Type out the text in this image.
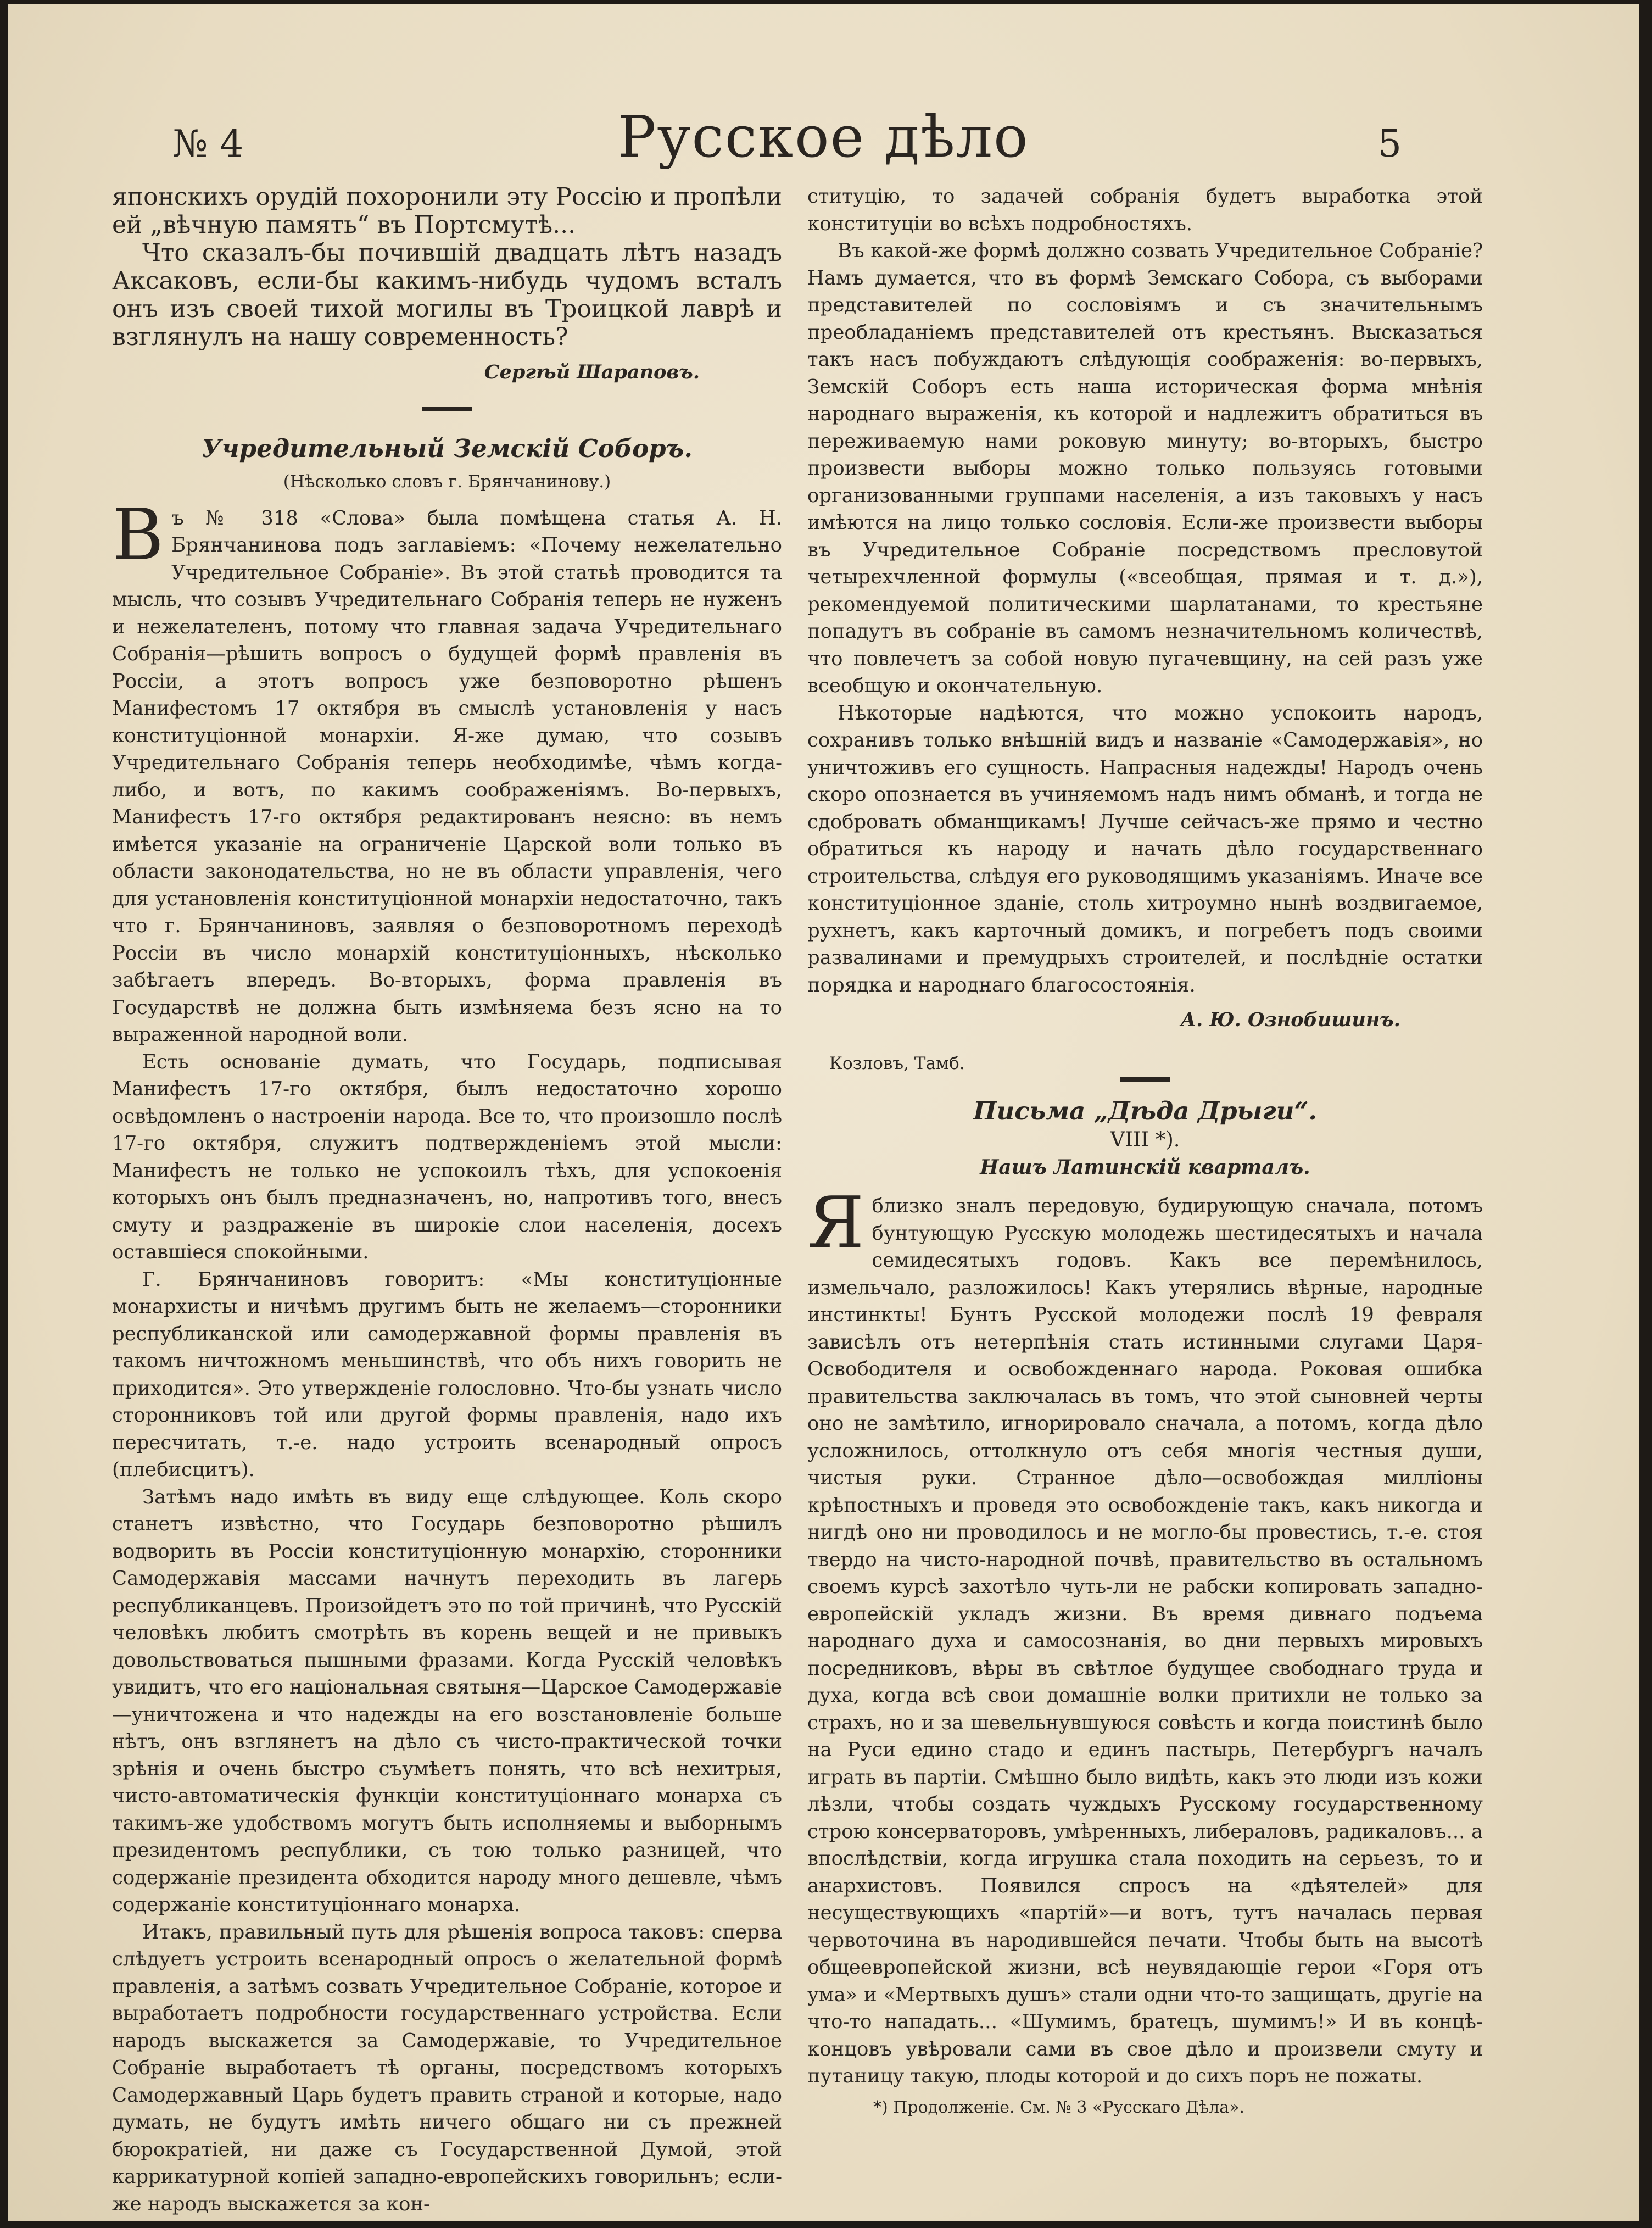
№ 4	Русское дѣло	5

японскихъ орудій похоронили эту Россію и пропѣли ей „вѣчную память“ въ Портсмутѣ...

Что сказалъ-бы почившій двадцать лѣтъ назадъ Аксаковъ, если-бы какимъ-нибудь чудомъ всталъ онъ изъ своей тихой могилы въ Троицкой лаврѣ и взглянулъ на нашу современность?

Сергѣй Шараповъ.

Учредительный Земскій Соборъ.

(Нѣсколько словъ г. Брянчанинову.)

Въ № 318 «Слова» была помѣщена статья А. Н. Брянчанинова подъ заглавіемъ: «Почему нежелательно Учредительное Собраніе». Въ этой статьѣ проводится та мысль, что созывъ Учредительнаго Собранія теперь не нуженъ и нежелателенъ, потому что главная задача Учредительнаго Собранія—рѣшить вопросъ о будущей формѣ правленія въ Россіи, а этотъ вопросъ уже безповоротно рѣшенъ Манифестомъ 17 октября въ смыслѣ установленія у насъ конституціонной монархіи. Я-же думаю, что созывъ Учредительнаго Собранія теперь необходимѣе, чѣмъ когда-либо, и вотъ, по какимъ соображеніямъ. Во-первыхъ, Манифестъ 17-го октября редактированъ неясно: въ немъ имѣется указаніе на ограниченіе Царской воли только въ области законодательства, но не въ области управленія, чего для установленія конституціонной монархіи недостаточно, такъ что г. Брянчаниновъ, заявляя о безповоротномъ переходѣ Россіи въ число монархій конституціонныхъ, нѣсколько забѣгаетъ впередъ. Во-вторыхъ, форма правленія въ Государствѣ не должна быть измѣняема безъ ясно на то выраженной народной воли.

Есть основаніе думать, что Государь, подписывая Манифестъ 17-го октября, былъ недостаточно хорошо освѣдомленъ о настроеніи народа. Все то, что произошло послѣ 17-го октября, служитъ подтвержденіемъ этой мысли: Манифестъ не только не успокоилъ тѣхъ, для успокоенія которыхъ онъ былъ предназначенъ, но, напротивъ того, внесъ смуту и раздраженіе въ широкіе слои населенія, досехъ оставшіеся спокойными.

Г. Брянчаниновъ говоритъ: «Мы конституціонные монархисты и ничѣмъ другимъ быть не желаемъ—сторонники республиканской или самодержавной формы правленія въ такомъ ничтожномъ меньшинствѣ, что объ нихъ говорить не приходится». Это утвержденіе голословно. Что-бы узнать число сторонниковъ той или другой формы правленія, надо ихъ пересчитать, т.-е. надо устроить всенародный опросъ (плебисцитъ).

Затѣмъ надо имѣть въ виду еще слѣдующее. Коль скоро станетъ извѣстно, что Государь безповоротно рѣшилъ водворить въ Россіи конституціонную монархію, сторонники Самодержавія массами начнутъ переходить въ лагерь республиканцевъ. Произойдетъ это по той причинѣ, что Русскій человѣкъ любитъ смотрѣть въ корень вещей и не привыкъ довольствоваться пышными фразами. Когда Русскій человѣкъ увидитъ, что его національная святыня—Царское Самодержавіе—уничтожена и что надежды на его возстановленіе больше нѣтъ, онъ взглянетъ на дѣло съ чисто-практической точки зрѣнія и очень быстро съумѣетъ понять, что всѣ нехитрыя, чисто-автоматическія функціи конституціоннаго монарха съ такимъ-же удобствомъ могутъ быть исполняемы и выборнымъ президентомъ республики, съ тою только разницей, что содержаніе президента обходится народу много дешевле, чѣмъ содержаніе конституціоннаго монарха.

Итакъ, правильный путь для рѣшенія вопроса таковъ: сперва слѣдуетъ устроить всенародный опросъ о желательной формѣ правленія, а затѣмъ созвать Учредительное Собраніе, которое и выработаетъ подробности государственнаго устройства. Если народъ выскажется за Самодержавіе, то Учредительное Собраніе выработаетъ тѣ органы, посредствомъ которыхъ Самодержавный Царь будетъ править страной и которые, надо думать, не будутъ имѣть ничего общаго ни съ прежней бюрократіей, ни даже съ Государственной Думой, этой каррикатурной копіей западно-европейскихъ говорильнъ; если-же народъ выскажется за кон-

ституцію, то задачей собранія будетъ выработка этой конституціи во всѣхъ подробностяхъ.

Въ какой-же формѣ должно созвать Учредительное Собраніе? Намъ думается, что въ формѣ Земскаго Собора, съ выборами представителей по сословіямъ и съ значительнымъ преобладаніемъ представителей отъ крестьянъ. Высказаться такъ насъ побуждаютъ слѣдующія соображенія: во-первыхъ, Земскій Соборъ есть наша историческая форма мнѣнія народнаго выраженія, къ которой и надлежитъ обратиться въ переживаемую нами роковую минуту; во-вторыхъ, быстро произвести выборы можно только пользуясь готовыми организованными группами населенія, а изъ таковыхъ у насъ имѣются на лицо только сословія. Если-же произвести выборы въ Учредительное Собраніе посредствомъ пресловутой четырехчленной формулы («всеобщая, прямая и т. д.»), рекомендуемой политическими шарлатанами, то крестьяне попадутъ въ собраніе въ самомъ незначительномъ количествѣ, что повлечетъ за собой новую пугачевщину, на сей разъ уже всеобщую и окончательную.

Нѣкоторые надѣются, что можно успокоить народъ, сохранивъ только внѣшній видъ и названіе «Самодержавія», но уничтоживъ его сущность. Напрасныя надежды! Народъ очень скоро опознается въ учиняемомъ надъ нимъ обманѣ, и тогда не сдобровать обманщикамъ! Лучше сейчасъ-же прямо и честно обратиться къ народу и начать дѣло государственнаго строительства, слѣдуя его руководящимъ указаніямъ. Иначе все конституціонное зданіе, столь хитроумно нынѣ воздвигаемое, рухнетъ, какъ карточный домикъ, и погребетъ подъ своими развалинами и премудрыхъ строителей, и послѣдніе остатки порядка и народнаго благосостоянія.

А. Ю. Ознобишинъ.

Козловъ, Тамб.

Письма „Дѣда Дрыги“.

VIII *).

Нашъ Латинскій кварталъ.

Яблизко зналъ передовую, будирующую сначала, потомъ бунтующую Русскую молодежь шестидесятыхъ и начала семидесятыхъ годовъ. Какъ все перемѣнилось, измельчало, разложилось! Какъ утерялись вѣрные, народные инстинкты! Бунтъ Русской молодежи послѣ 19 февраля зависѣлъ отъ нетерпѣнія стать истинными слугами Царя-Освободителя и освобожденнаго народа. Роковая ошибка правительства заключалась въ томъ, что этой сыновней черты оно не замѣтило, игнорировало сначала, а потомъ, когда дѣло усложнилось, оттолкнуло отъ себя многія честныя души, чистыя руки. Странное дѣло—освобождая милліоны крѣпостныхъ и проведя это освобожденіе такъ, какъ никогда и нигдѣ оно ни проводилось и не могло-бы провестись, т.-е. стоя твердо на чисто-народной почвѣ, правительство въ остальномъ своемъ курсѣ захотѣло чуть-ли не рабски копировать западно-европейскій укладъ жизни. Въ время дивнаго подъема народнаго духа и самосознанія, во дни первыхъ мировыхъ посредниковъ, вѣры въ свѣтлое будущее свободнаго труда и духа, когда всѣ свои домашніе волки притихли не только за страхъ, но и за шевельнувшуюся совѣсть и когда поистинѣ было на Руси едино стадо и единъ пастырь, Петербургъ началъ играть въ партіи. Смѣшно было видѣть, какъ это люди изъ кожи лѣзли, чтобы создать чуждыхъ Русскому государственному строю консерваторовъ, умѣренныхъ, либераловъ, радикаловъ... а впослѣдствіи, когда игрушка стала походить на серьезъ, то и анархистовъ. Появился спросъ на «дѣятелей» для несуществующихъ «партій»—и вотъ, тутъ началась первая червоточина въ народившейся печати. Чтобы быть на высотѣ общеевропейской жизни, всѣ неувядающіе герои «Горя отъ ума» и «Мертвыхъ душъ» стали одни что-то защищать, другіе на что-то нападать... «Шумимъ, братецъ, шумимъ!» И въ концѣ-концовъ увѣровали сами въ свое дѣло и произвели смуту и путаницу такую, плоды которой и до сихъ поръ не пожаты.

*) Продолженіе. См. № 3 «Русскаго Дѣла».
